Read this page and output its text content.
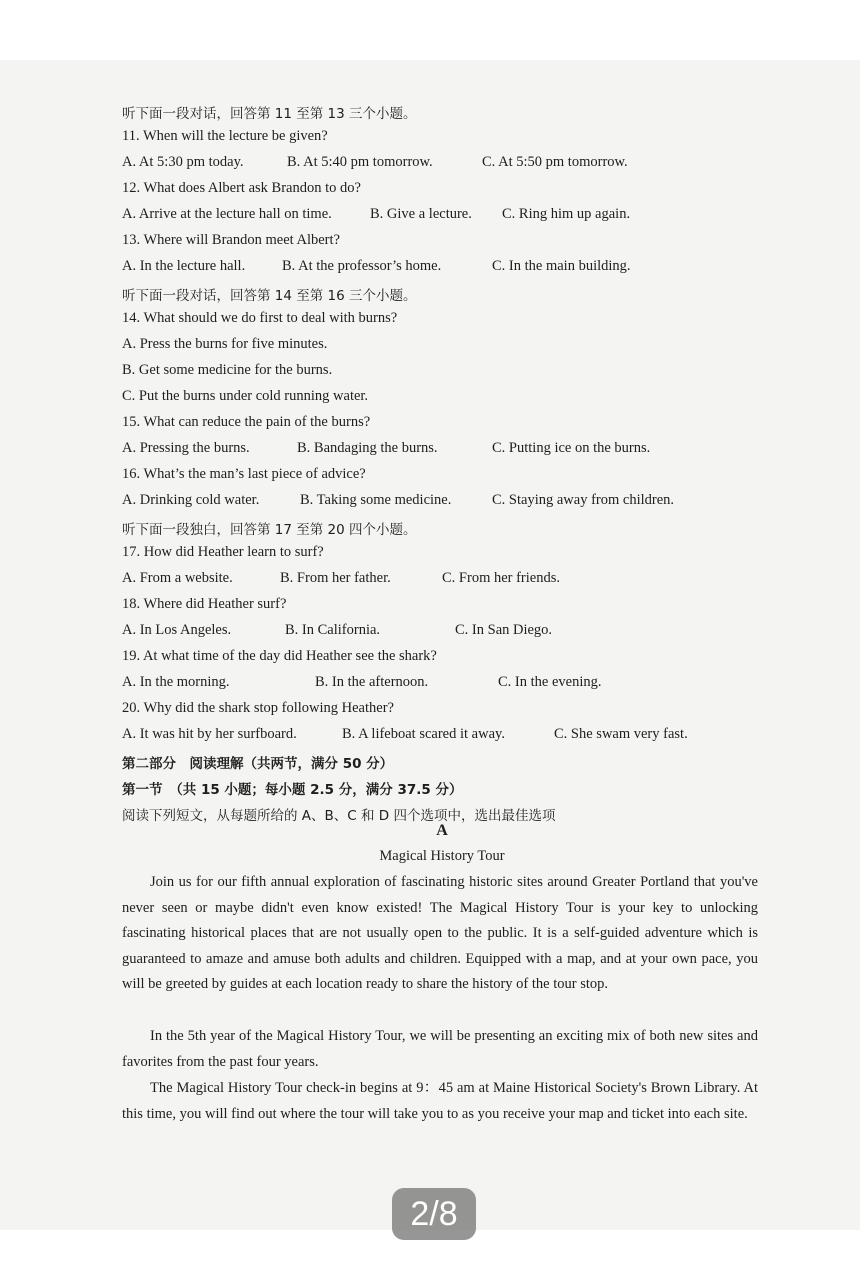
听下面一段对话，回答第 11 至第 13 三个小题。
11. When will the lecture be given?
A. At 5:30 pm today.	B. At 5:40 pm tomorrow.	C. At 5:50 pm tomorrow.
12. What does Albert ask Brandon to do?
A. Arrive at the lecture hall on time.	B. Give a lecture. C. Ring him up again.
13. Where will Brandon meet Albert?
A. In the lecture hall.	B. At the professor’s home.	C. In the main building.
听下面一段对话，回答第 14 至第 16 三个小题。
14. What should we do first to deal with burns?
A. Press the burns for five minutes.
B. Get some medicine for the burns.
C. Put the burns under cold running water.
15. What can reduce the pain of the burns?
A. Pressing the burns.	B. Bandaging the burns.	C. Putting ice on the burns.
16. What’s the man’s last piece of advice?
A. Drinking cold water.	B. Taking some medicine.	C. Staying away from children.
听下面一段独白，回答第 17 至第 20 四个小题。
17. How did Heather learn to surf?
A. From a website.	B. From her father.	C. From her friends.
18. Where did Heather surf?
A. In Los Angeles.	B. In California.	C. In San Diego.
19. At what time of the day did Heather see the shark?
A. In the morning.	B. In the afternoon.	C. In the evening.
20. Why did the shark stop following Heather?
A. It was hit by her surfboard.	B. A lifeboat scared it away.	C. She swam very fast.
第二部分　阅读理解（共两节，满分 50 分）
第一节　（共 15 小题；每小题 2.5 分，满分 37.5 分）
阅读下列短文，从每题所给的 A、B、C 和 D 四个选项中，选出最佳选项
A
Magical History Tour
Join us for our fifth annual exploration of fascinating historic sites around Greater Portland that you've never seen or maybe didn't even know existed! The Magical History Tour is your key to unlocking fascinating historical places that are not usually open to the public. It is a self-guided adventure which is guaranteed to amaze and amuse both adults and children. Equipped with a map, and at your own pace, you will be greeted by guides at each location ready to share the history of the tour stop.
In the 5th year of the Magical History Tour, we will be presenting an exciting mix of both new sites and favorites from the past four years.
The Magical History Tour check-in begins at 9：45 am at Maine Historical Society's Brown Library. At this time, you will find out where the tour will take you to as you receive your map and ticket into each site.
2/8
